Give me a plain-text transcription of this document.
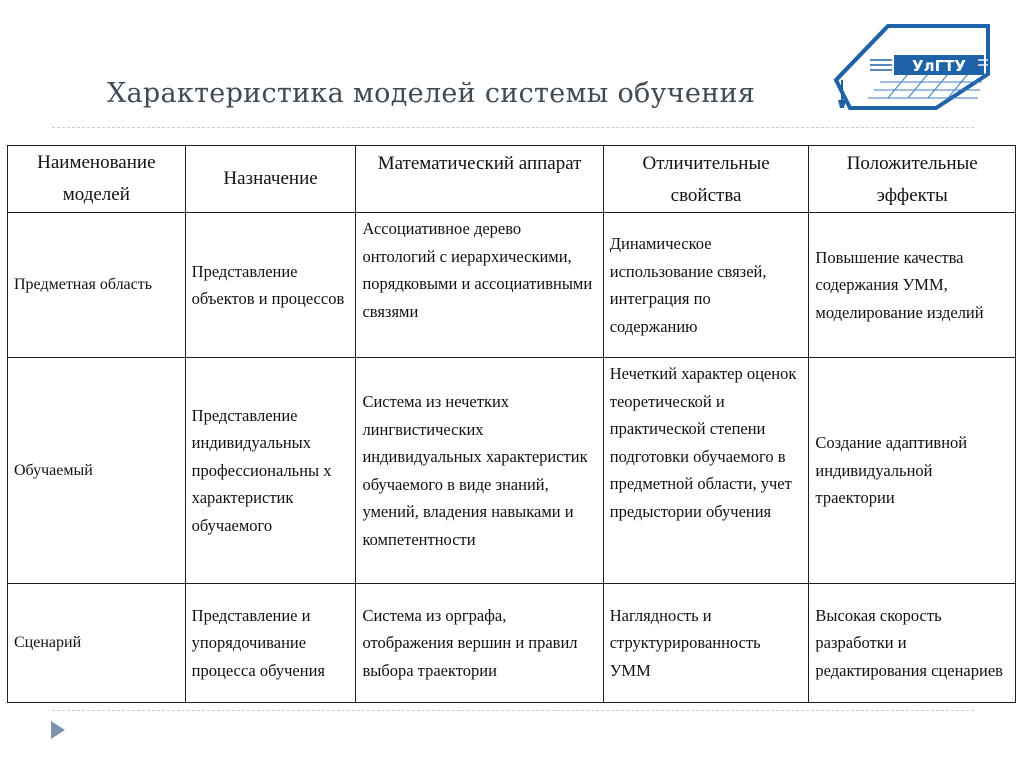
Характеристика моделей системы обучения
УлГТУ
Наименование моделей	Назначение	Математический аппарат	Отличительные свойства	Положительные эффекты
Предметная область	Представление объектов и процессов	Ассоциативное дерево онтологий с иерархическими, порядковыми и ассоциативными связями	Динамическое использование связей, интеграция по содержанию	Повышение качества содержания УММ, моделирование изделий
Обучаемый	Представление индивидуальных профессиональны х характеристик обучаемого	Система из нечетких лингвистических индивидуальных характеристик обучаемого в виде знаний, умений, владения навыками и компетентности	Нечеткий характер оценок теоретической и практической степени подготовки обучаемого в предметной области, учет предыстории обучения	Создание адаптивной индивидуальной траектории
Сценарий	Представление и упорядочивание процесса обучения	Система из орграфа, отображения вершин и правил выбора траектории	Наглядность и структурированность УММ	Высокая скорость разработки и редактирования сценариев
